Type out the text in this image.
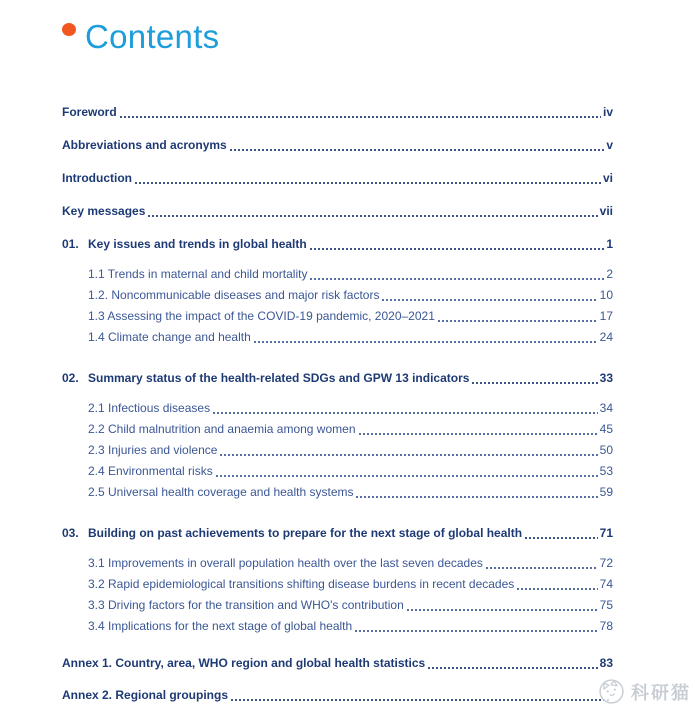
Contents
Foreword	iv
Abbreviations and acronyms	v
Introduction	vi
Key messages	vii
01. Key issues and trends in global health	1
1.1 Trends in maternal and child mortality	2
1.2. Noncommunicable diseases and major risk factors	10
1.3 Assessing the impact of the COVID-19 pandemic, 2020–2021	17
1.4 Climate change and health	24
02. Summary status of the health-related SDGs and GPW 13 indicators	33
2.1 Infectious diseases	34
2.2 Child malnutrition and anaemia among women	45
2.3 Injuries and violence	50
2.4 Environmental risks	53
2.5 Universal health coverage and health systems	59
03. Building on past achievements to prepare for the next stage of global health	71
3.1 Improvements in overall population health over the last seven decades	72
3.2 Rapid epidemiological transitions shifting disease burdens in recent decades	74
3.3 Driving factors for the transition and WHO's contribution	75
3.4 Implications for the next stage of global health	78
Annex 1. Country, area, WHO region and global health statistics	83
Annex 2. Regional groupings	科研猫
